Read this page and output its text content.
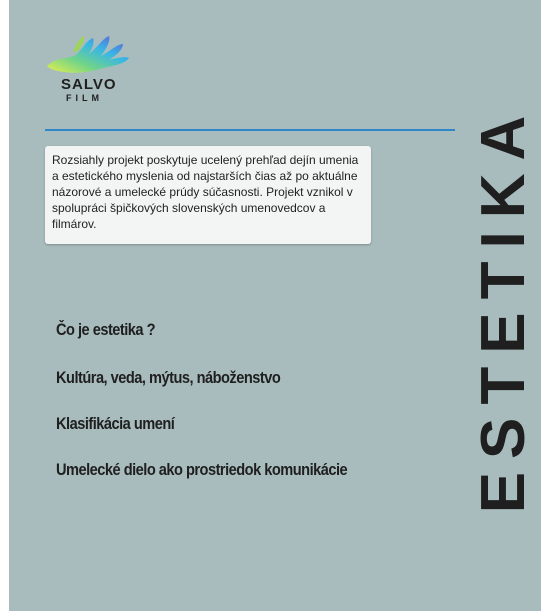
SALVO
FILM
Rozsiahly projekt poskytuje ucelený prehľad dejín umenia a estetického myslenia od najstarších čias až po aktuálne názorové a umelecké prúdy súčasnosti. Projekt vznikol v spolupráci špičkových slovenských umenovedcov a filmárov.
Čo je estetika ?
Kultúra, veda, mýtus, náboženstvo
Klasifikácia umení
Umelecké dielo ako prostriedok komunikácie ESTETIKA
